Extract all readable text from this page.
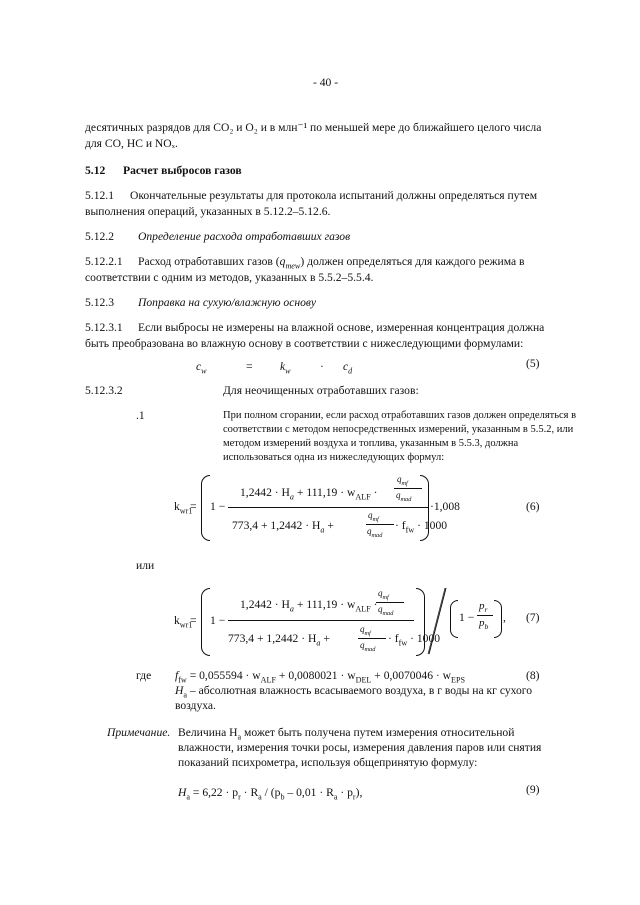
- 40 -
десятичных разрядов для CO₂ и O₂ и в млн⁻¹ по меньшей мере до ближайшего целого числа
для CO, HC и NOₓ.
5.12 Расчет выбросов газов
5.12.1 Окончательные результаты для протокола испытаний должны определяться путем
выполнения операций, указанных в 5.12.2–5.12.6.
5.12.2 Определение расхода отработавших газов
5.12.2.1 Расход отработавших газов $(q_{mew})$ должен определяться для каждого режима в
соответствии с одним из методов, указанных в 5.5.2–5.5.4.
5.12.3 Поправка на сухую/влажную основу
5.12.3.1 Если выбросы не измерены на влажной основе, измеренная концентрация должна
быть преобразована во влажную основу в соответствии с нижеследующими формулами:
$c_w$	= $k_w$	· $c_d$
(5)
5.12.3.2	Для неочищенных отработавших газов:
.1	При полном сгорании, если расход отработавших газов должен определяться в
соответствии с методом непосредственных измерений, указанным в 5.5.2, или
методом измерений воздуха и топлива, указанным в 5.5.3, должна
использоваться одна из нижеследующих формул:
$k_{wr1}$
= 1 −
$1,2442 \cdot H_a + 111,19 \cdot w_{ALF}$ ·
$q_{mf}$
$q_{mad}$
$773,4 + 1,2442 \cdot H_a$ +
$q_{mf}$
$q_{mad}$
· $f_{fw} \cdot 1000$
·1,008	(6)
или
$k_{wr1}$
= 1 −
$1,2442 \cdot H_a + 111,19 \cdot w_{ALF}$ ·
$q_{mf}$
$q_{mad}$
$773,4 + 1,2442 \cdot H_a$ +
$q_{mf}$
$q_{mad}$
· $f_{fw} \cdot 1000$
1 −
$p_r$
$p_b$
, (7)
где $f_{fw} = 0,055594 \cdot w_{ALF} + 0,0080021 \cdot w_{DEL} + 0,0070046 \cdot w_{EPS}$	(8)
$H_a$ – абсолютная влажность всасываемого воздуха, в г воды на кг сухого
воздуха.
Примечание. Величина $H_a$ может быть получена путем измерения относительной
влажности, измерения точки росы, измерения давления паров или снятия
показаний психрометра, используя общепринятую формулу:
$H_a = 6,22 \cdot p_r \cdot R_a / (p_b - 0,01 \cdot R_a \cdot p_r)$,	(9)
